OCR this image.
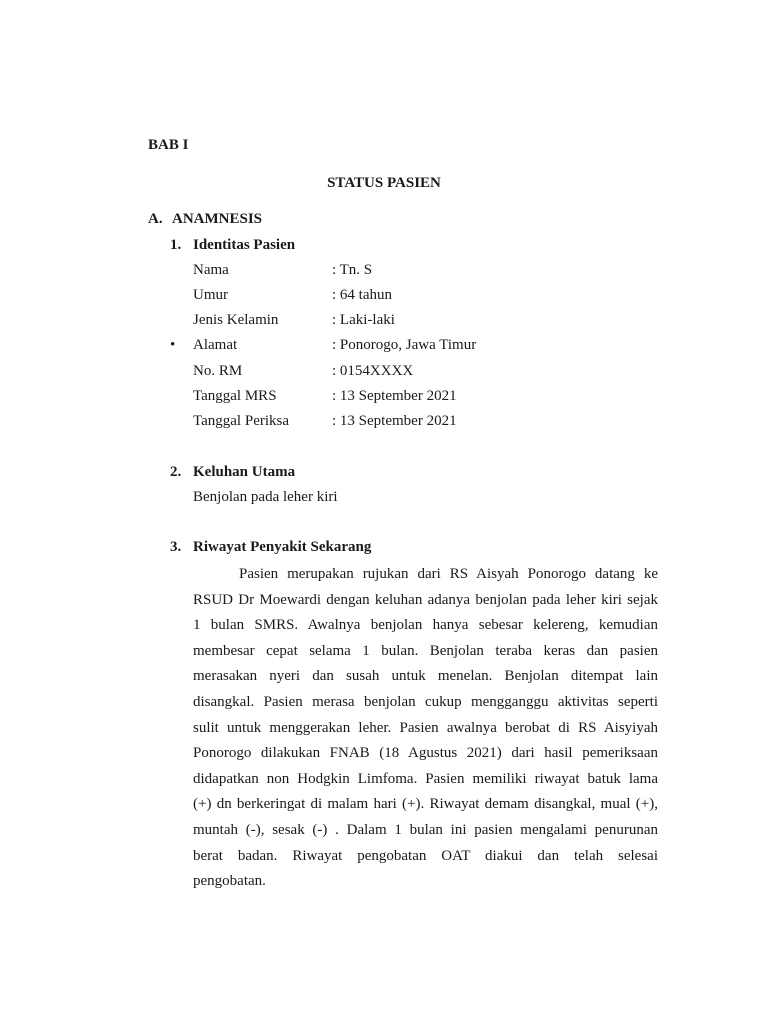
BAB I
STATUS PASIEN
A. ANAMNESIS
1. Identitas Pasien
Nama	: Tn. S
Umur	: 64 tahun
Jenis Kelamin	: Laki-laki
• Alamat	: Ponorogo, Jawa Timur
No. RM	: 0154XXXX
Tanggal MRS	: 13 September 2021
Tanggal Periksa	: 13 September 2021
2. Keluhan Utama
Benjolan pada leher kiri
3. Riwayat Penyakit Sekarang
Pasien merupakan rujukan dari RS Aisyah Ponorogo datang ke
RSUD Dr Moewardi dengan keluhan adanya benjolan pada leher kiri sejak
1 bulan SMRS. Awalnya benjolan hanya sebesar kelereng, kemudian
membesar cepat selama 1 bulan. Benjolan teraba keras dan pasien
merasakan nyeri dan susah untuk menelan. Benjolan ditempat lain
disangkal. Pasien merasa benjolan cukup mengganggu aktivitas seperti
sulit untuk menggerakan leher. Pasien awalnya berobat di RS Aisyiyah
Ponorogo dilakukan FNAB (18 Agustus 2021) dari hasil pemeriksaan
didapatkan non Hodgkin Limfoma. Pasien memiliki riwayat batuk lama
(+) dn berkeringat di malam hari (+). Riwayat demam disangkal, mual (+),
muntah (-), sesak (-) . Dalam 1 bulan ini pasien mengalami penurunan
berat badan. Riwayat pengobatan OAT diakui dan telah selesai
pengobatan.
